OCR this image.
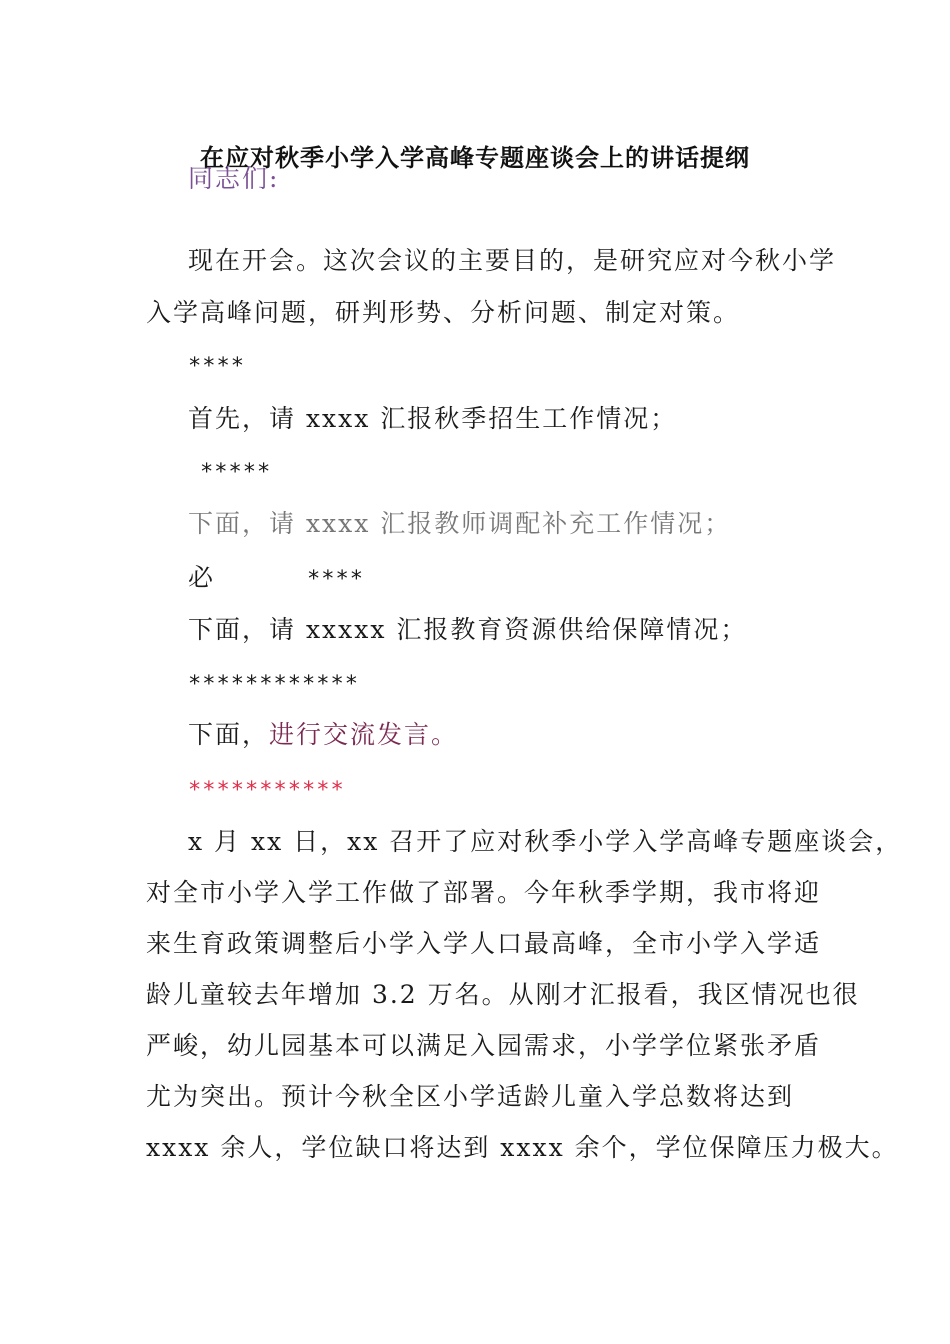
在应对秋季小学入学高峰专题座谈会上的讲话提纲
同志们:
现在开会。这次会议的主要目的，是研究应对今秋小学
入学高峰问题，研判形势、分析问题、制定对策。
****
首先，请 xxxx 汇报秋季招生工作情况；
*****
下面，请 xxxx 汇报教师调配补充工作情况；
必	****
下面，请 xxxxx 汇报教育资源供给保障情况；
************
下面，进行交流发言。
***********
x 月 xx 日，xx 召开了应对秋季小学入学高峰专题座谈会，
对全市小学入学工作做了部署。今年秋季学期，我市将迎
来生育政策调整后小学入学人口最高峰，全市小学入学适
龄儿童较去年增加 3.2 万名。从刚才汇报看，我区情况也很
严峻，幼儿园基本可以满足入园需求，小学学位紧张矛盾
尤为突出。预计今秋全区小学适龄儿童入学总数将达到
xxxx 余人，学位缺口将达到 xxxx 余个，学位保障压力极大。
